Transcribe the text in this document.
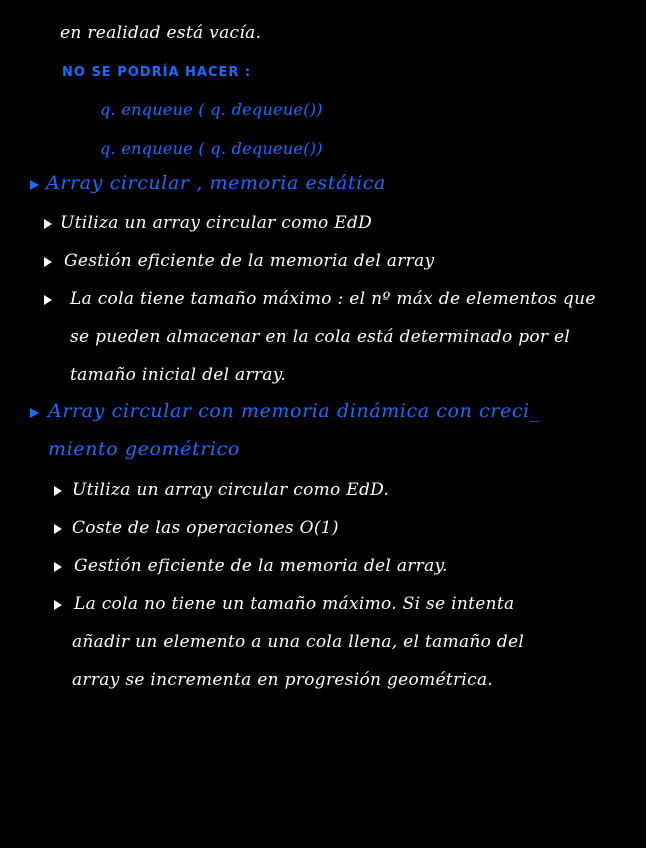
en realidad está vacía.
NO SE PODRÍA HACER :
q. enqueue ( q. dequeue())
q. enqueue ( q. dequeue())
Array circular , memoria estática
Utiliza un array circular como EdD
Gestión eficiente de la memoria del array
La cola tiene tamaño máximo : el nº máx de elementos que
se pueden almacenar en la cola está determinado por el
tamaño inicial del array.
Array circular con memoria dinámica con creci_
miento geométrico
Utiliza un array circular como EdD.
Coste de las operaciones O(1)
Gestión eficiente de la memoria del array.
La cola no tiene un tamaño máximo. Si se intenta
añadir un elemento a una cola llena, el tamaño del
array se incrementa en progresión geométrica.
